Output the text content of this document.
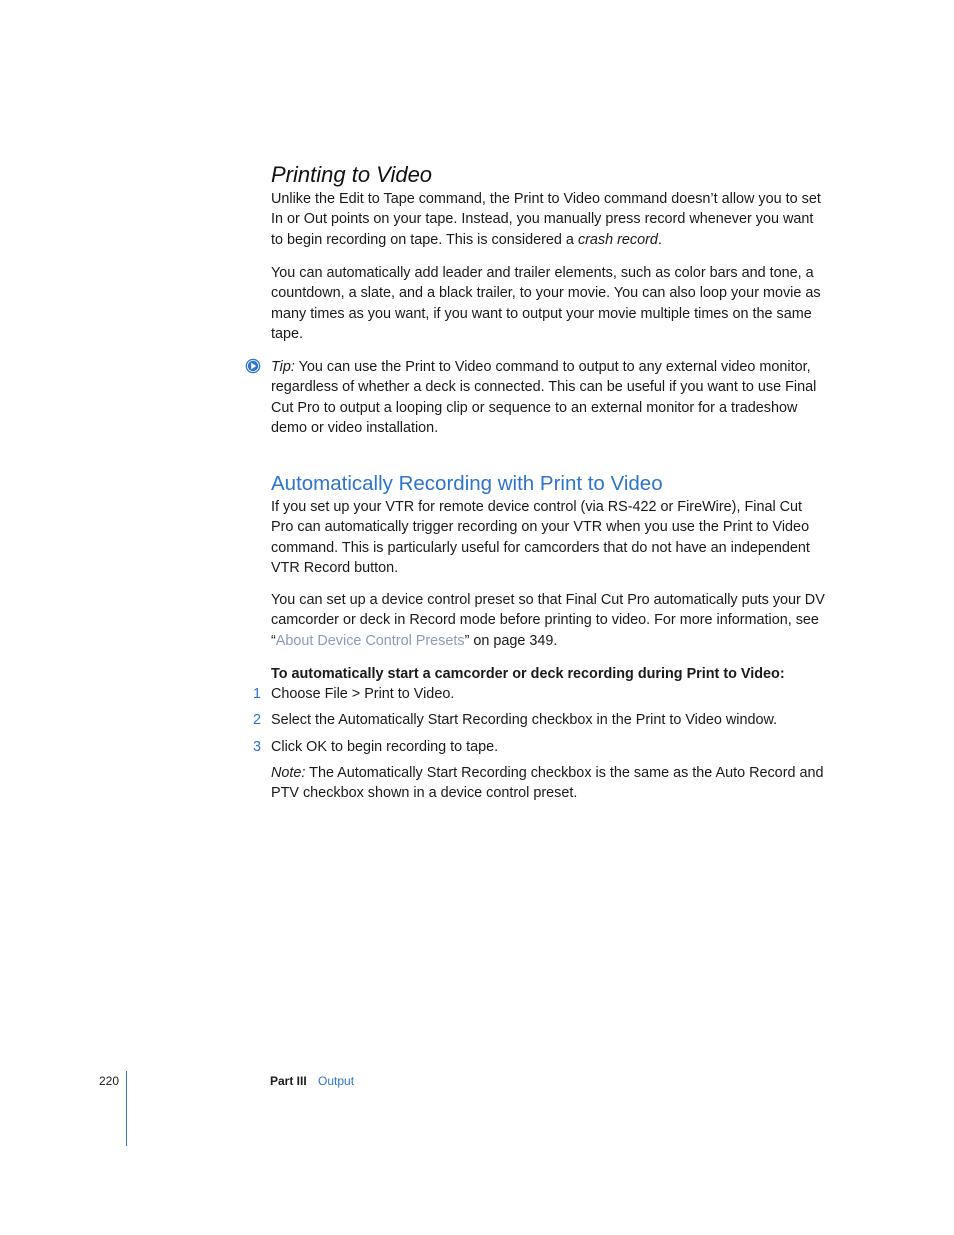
Printing to Video

Unlike the Edit to Tape command, the Print to Video command doesn’t allow you to set In or Out points on your tape. Instead, you manually press record whenever you want to begin recording on tape. This is considered a crash record.

You can automatically add leader and trailer elements, such as color bars and tone, a countdown, a slate, and a black trailer, to your movie. You can also loop your movie as many times as you want, if you want to output your movie multiple times on the same tape.

Tip: You can use the Print to Video command to output to any external video monitor, regardless of whether a deck is connected. This can be useful if you want to use Final Cut Pro to output a looping clip or sequence to an external monitor for a tradeshow demo or video installation.

Automatically Recording with Print to Video

If you set up your VTR for remote device control (via RS-422 or FireWire), Final Cut Pro can automatically trigger recording on your VTR when you use the Print to Video command. This is particularly useful for camcorders that do not have an independent VTR Record button.

You can set up a device control preset so that Final Cut Pro automatically puts your DV camcorder or deck in Record mode before printing to video. For more information, see “About Device Control Presets” on page 349.

To automatically start a camcorder or deck recording during Print to Video:

1 Choose File > Print to Video.

2 Select the Automatically Start Recording checkbox in the Print to Video window.

3 Click OK to begin recording to tape.

Note: The Automatically Start Recording checkbox is the same as the Auto Record and PTV checkbox shown in a device control preset.

220	Part III Output
